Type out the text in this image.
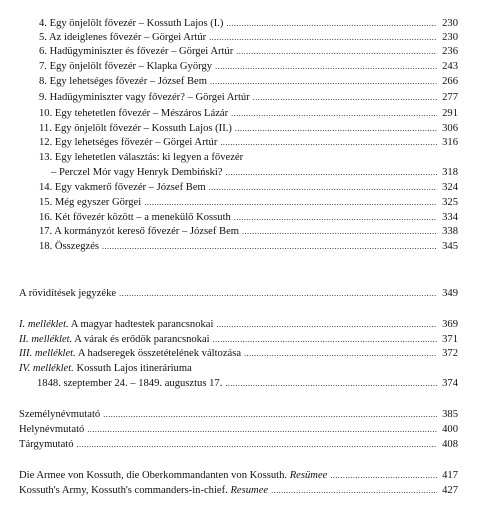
4. Egy önjelölt fővezér – Kossuth Lajos (I.) .....	230
5. Az ideiglenes fővezér – Görgei Artúr .....	230
6. Hadügyminiszter és fővezér – Görgei Artúr .....	236
7. Egy önjelölt fővezér – Klapka György .....	243
8. Egy lehetséges fővezér – József Bem .....	266
9. Hadügyminiszter vagy fővezér? – Görgei Artúr .....	277
10. Egy tehetetlen fővezér – Mészáros Lázár .....	291
11. Egy önjelölt fővezér – Kossuth Lajos (II.) .....	306
12. Egy lehetséges fővezér – Görgei Artúr .....	316
13. Egy lehetetlen választás: ki legyen a fővezér
– Perczel Mór vagy Henryk Dembiński? .....	318
14. Egy vakmerő fővezér – József Bem .....	324
15. Még egyszer Görgei .....	325
16. Két fővezér között – a menekülő Kossuth .....	334
17. A kormányzót kereső fővezér – József Bem .....	338
18. Összegzés .....	345
A rövidítések jegyzéke .....	349
I. melléklet. A magyar hadtestek parancsnokai .....	369
II. melléklet. A várak és erődök parancsnokai .....	371
III. melléklet. A hadseregek összetételének változása .....	372
IV. melléklet. Kossuth Lajos itineráriuma
1848. szeptember 24. – 1849. augusztus 17. .....	374
Személynévmutató .....	385
Helynévmutató .....	400
Tárgymutató .....	408
Die Armee von Kossuth, die Oberkommandanten von Kossuth. Resümee .....	417
Kossuth's Army, Kossuth's commanders-in-chief. Resumee .....	427
